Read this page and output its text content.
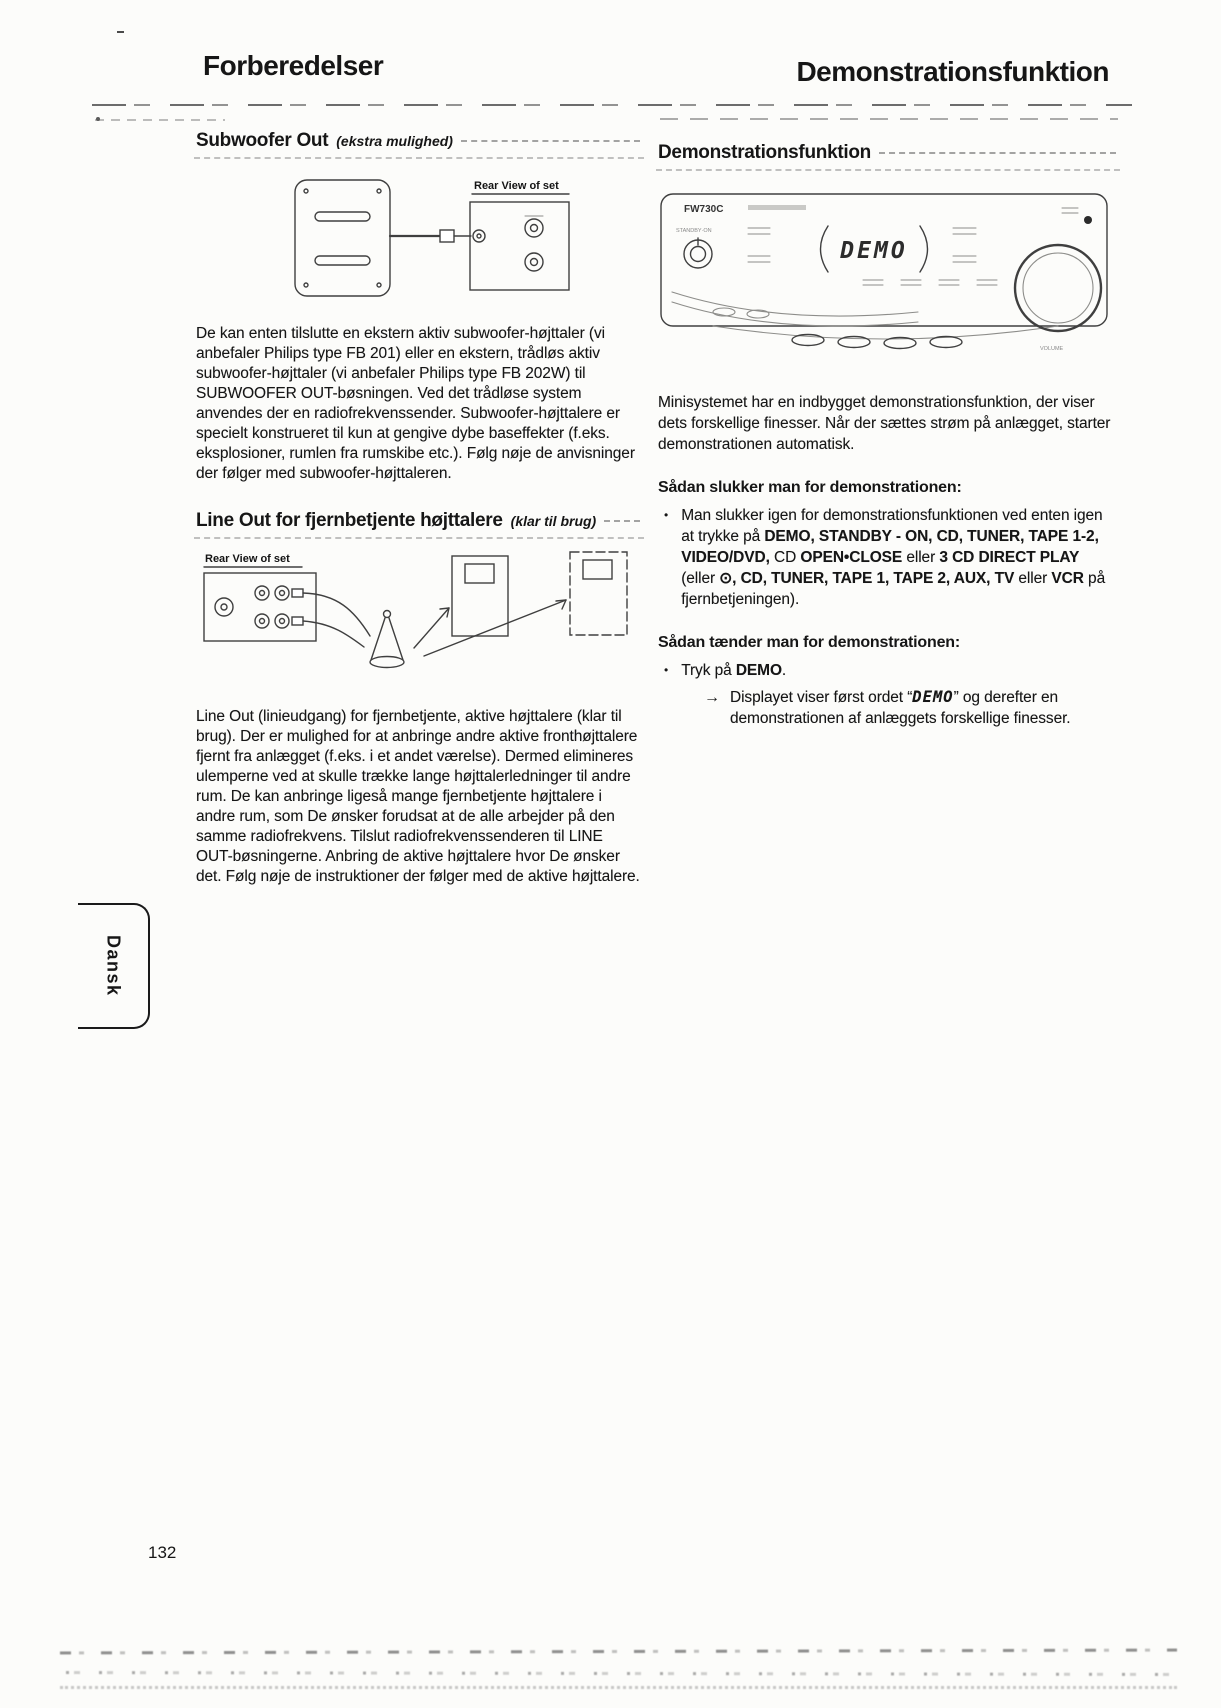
Forberedelser	Demonstrationsfunktion
Subwoofer Out (ekstra mulighed)
Rear View of set

De kan enten tilslutte en ekstern aktiv subwoofer-højttaler (vi anbefaler Philips type FB 201) eller en ekstern, trådløs aktiv subwoofer-højttaler (vi anbefaler Philips type FB 202W) til SUBWOOFER OUT-bøsningen. Ved det trådløse system anvendes der en radiofrekvenssender. Subwoofer-højttalere er specielt konstrueret til kun at gengive dybe baseffekter (f.eks. eksplosioner, rumlen fra rumskibe etc.). Følg nøje de anvisninger der følger med subwoofer-højttaleren.

Line Out for fjernbetjente højttalere (klar til brug)
Rear View of set

Line Out (linieudgang) for fjernbetjente, aktive højttalere (klar til brug). Der er mulighed for at anbringe andre aktive fronthøjttalere fjernt fra anlægget (f.eks. i et andet værelse). Dermed elimineres ulemperne ved at skulle trække lange højttalerledninger til andre rum. De kan anbringe ligeså mange fjernbetjente højttalere i andre rum, som De ønsker forudsat at de alle arbejder på den samme radiofrekvens. Tilslut radiofrekvenssenderen til LINE OUT-bøsningerne. Anbring de aktive højttalere hvor De ønsker det. Følg nøje de instruktioner der følger med de aktive højttalere.

Demonstrationsfunktion
FW730C
STANDBY·ON
DEMO
VOLUME

Minisystemet har en indbygget demonstrationsfunktion, der viser dets forskellige finesser. Når der sættes strøm på anlægget, starter demonstrationen automatisk.

Sådan slukker man for demonstrationen:
• Man slukker igen for demonstrationsfunktionen ved enten igen at trykke på DEMO, STANDBY - ON, CD, TUNER, TAPE 1-2, VIDEO/DVD, CD OPEN•CLOSE eller 3 CD DIRECT PLAY (eller ⊙, CD, TUNER, TAPE 1, TAPE 2, AUX, TV eller VCR på fjernbetjeningen).

Sådan tænder man for demonstrationen:
• Tryk på DEMO.

→ Displayet viser først ordet “DEMO” og derefter en demonstrationen af anlæggets forskellige finesser.

Dansk
132
